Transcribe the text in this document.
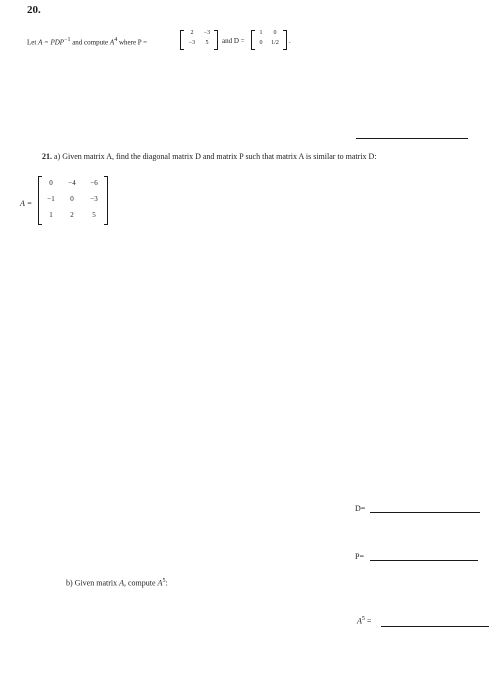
20.
Let $A = PDP^{-1}$ and compute $A^4$ where P =
2	−3
−3	5	and D =
1	0
0	1/2	.
21. a) Given matrix A, find the diagonal matrix D and matrix P such that matrix A is similar to matrix D:
A =
0	−4	−6
−1	0	−3
1	2	5
D=
P=
b) Given matrix A, compute $A^5$:
$A^5$ =
